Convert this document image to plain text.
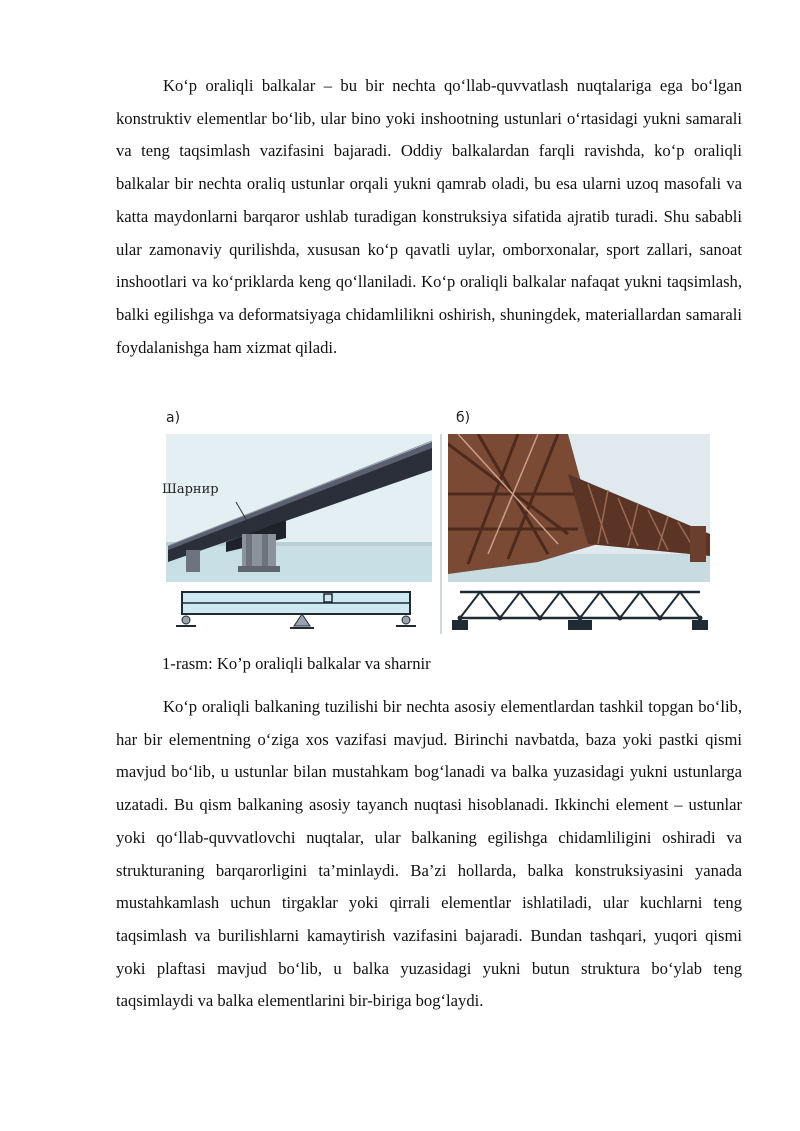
Ko‘p oraliqli balkalar – bu bir nechta qo‘llab-quvvatlash nuqtalariga ega bo‘lgan konstruktiv elementlar bo‘lib, ular bino yoki inshootning ustunlari o‘rtasidagi yukni samarali va teng taqsimlash vazifasini bajaradi. Oddiy balkalardan farqli ravishda, ko‘p oraliqli balkalar bir nechta oraliq ustunlar orqali yukni qamrab oladi, bu esa ularni uzoq masofali va katta maydonlarni barqaror ushlab turadigan konstruksiya sifatida ajratib turadi. Shu sababli ular zamonaviy qurilishda, xususan ko‘p qavatli uylar, omborxonalar, sport zallari, sanoat inshootlari va ko‘priklarda keng qo‘llaniladi. Ko‘p oraliqli balkalar nafaqat yukni taqsimlash, balki egilishga va deformatsiyaga chidamlilikni oshirish, shuningdek, materiallardan samarali foydalanishga ham xizmat qiladi.

а)	б)
Шарнир

1-rasm: Ko’p oraliqli balkalar va sharnir

Ko‘p oraliqli balkaning tuzilishi bir nechta asosiy elementlardan tashkil topgan bo‘lib, har bir elementning o‘ziga xos vazifasi mavjud. Birinchi navbatda, baza yoki pastki qismi mavjud bo‘lib, u ustunlar bilan mustahkam bog‘lanadi va balka yuzasidagi yukni ustunlarga uzatadi. Bu qism balkaning asosiy tayanch nuqtasi hisoblanadi. Ikkinchi element – ustunlar yoki qo‘llab-quvvatlovchi nuqtalar, ular balkaning egilishga chidamliligini oshiradi va strukturaning barqarorligini ta’minlaydi. Ba’zi hollarda, balka konstruksiyasini yanada mustahkamlash uchun tirgaklar yoki qirrali elementlar ishlatiladi, ular kuchlarni teng taqsimlash va burilishlarni kamaytirish vazifasini bajaradi. Bundan tashqari, yuqori qismi yoki plaftasi mavjud bo‘lib, u balka yuzasidagi yukni butun struktura bo‘ylab teng taqsimlaydi va balka elementlarini bir-biriga bog‘laydi.
